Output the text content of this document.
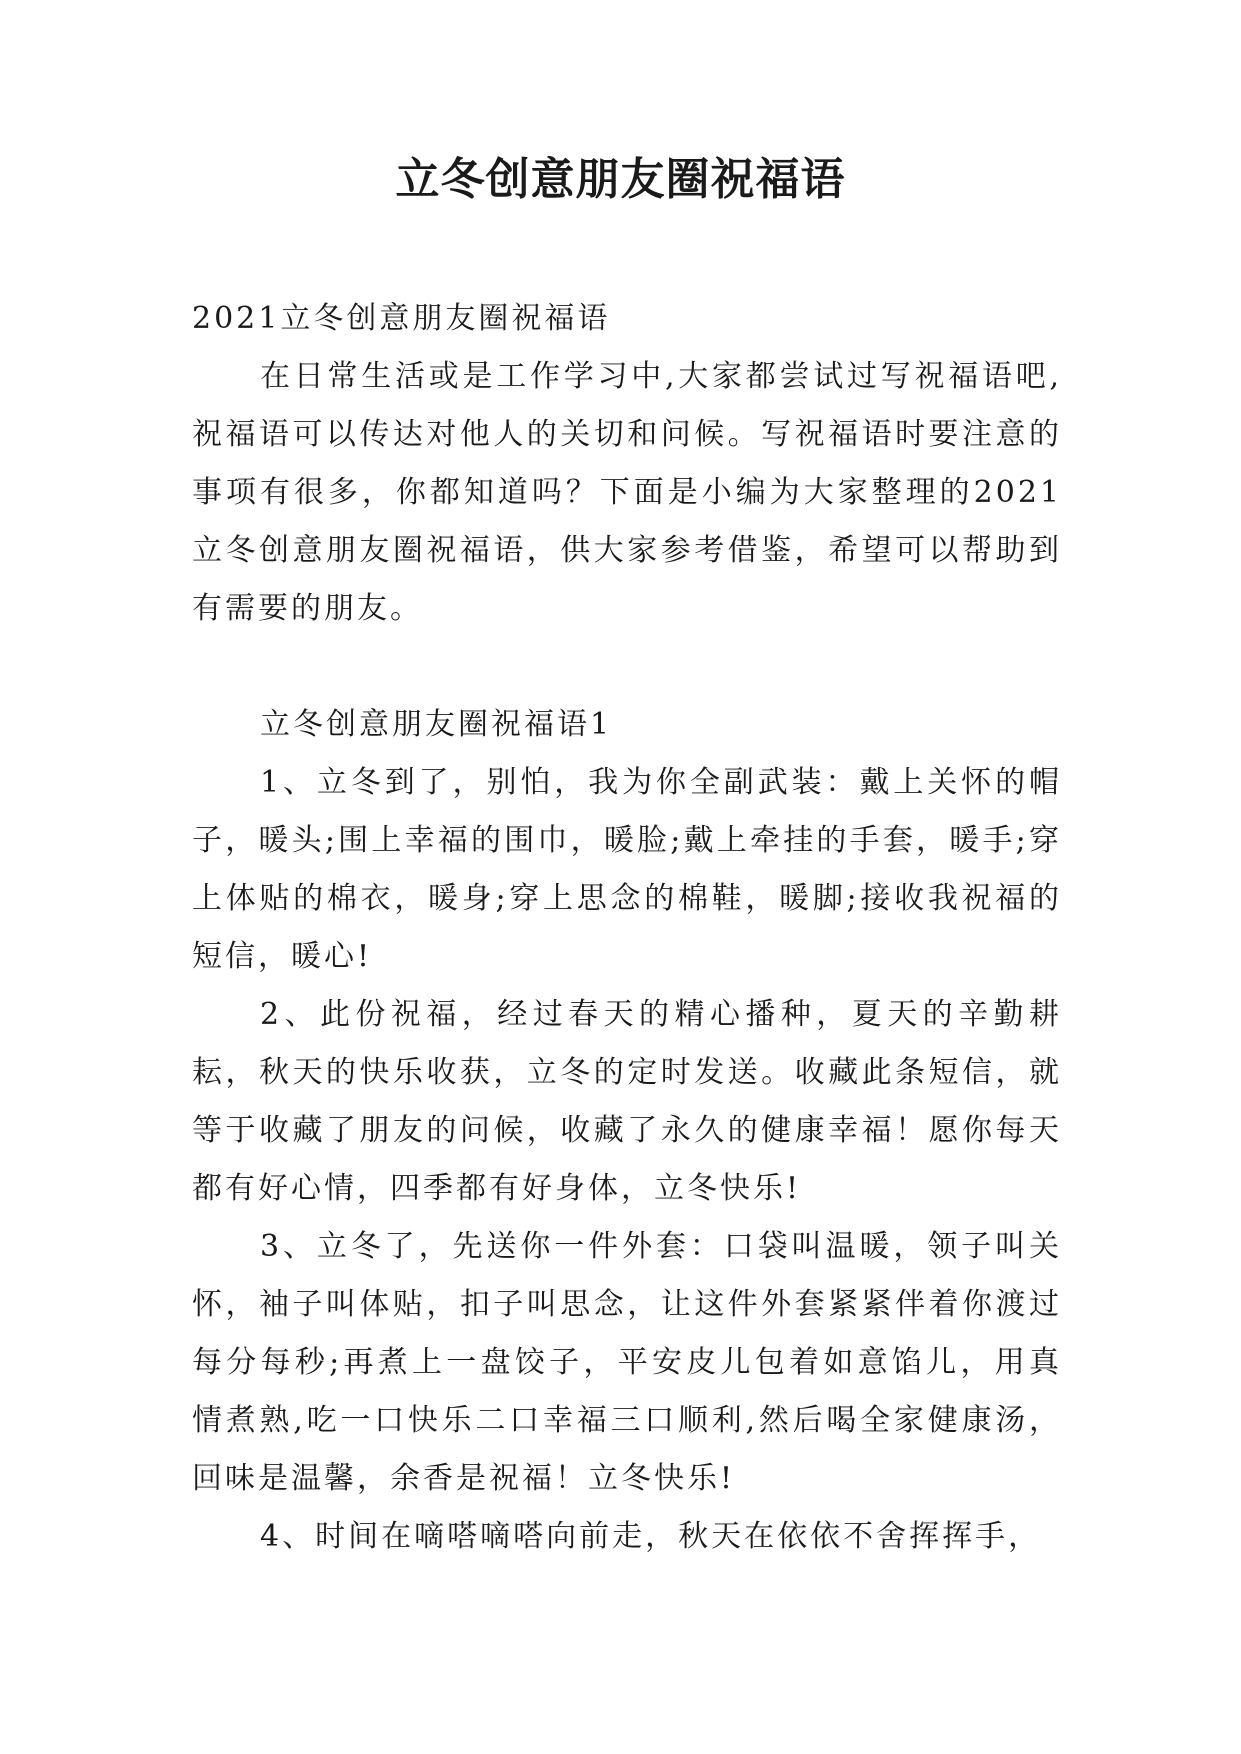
立冬创意朋友圈祝福语

2021立冬创意朋友圈祝福语

在日常生活或是工作学习中,大家都尝试过写祝福语吧,祝福语可以传达对他人的关切和问候。写祝福语时要注意的事项有很多，你都知道吗？下面是小编为大家整理的2021立冬创意朋友圈祝福语，供大家参考借鉴，希望可以帮助到有需要的朋友。

立冬创意朋友圈祝福语1

1、立冬到了，别怕，我为你全副武装：戴上关怀的帽子，暖头;围上幸福的围巾，暖脸;戴上牵挂的手套，暖手;穿上体贴的棉衣，暖身;穿上思念的棉鞋，暖脚;接收我祝福的短信，暖心!

2、此份祝福，经过春天的精心播种，夏天的辛勤耕耘，秋天的快乐收获，立冬的定时发送。收藏此条短信，就等于收藏了朋友的问候，收藏了永久的健康幸福！愿你每天都有好心情，四季都有好身体，立冬快乐!

3、立冬了，先送你一件外套：口袋叫温暖，领子叫关怀，袖子叫体贴，扣子叫思念，让这件外套紧紧伴着你渡过每分每秒;再煮上一盘饺子，平安皮儿包着如意馅儿，用真情煮熟,吃一口快乐二口幸福三口顺利,然后喝全家健康汤，回味是温馨，余香是祝福！立冬快乐!

4、时间在嘀嗒嘀嗒向前走，秋天在依依不舍挥挥手，
